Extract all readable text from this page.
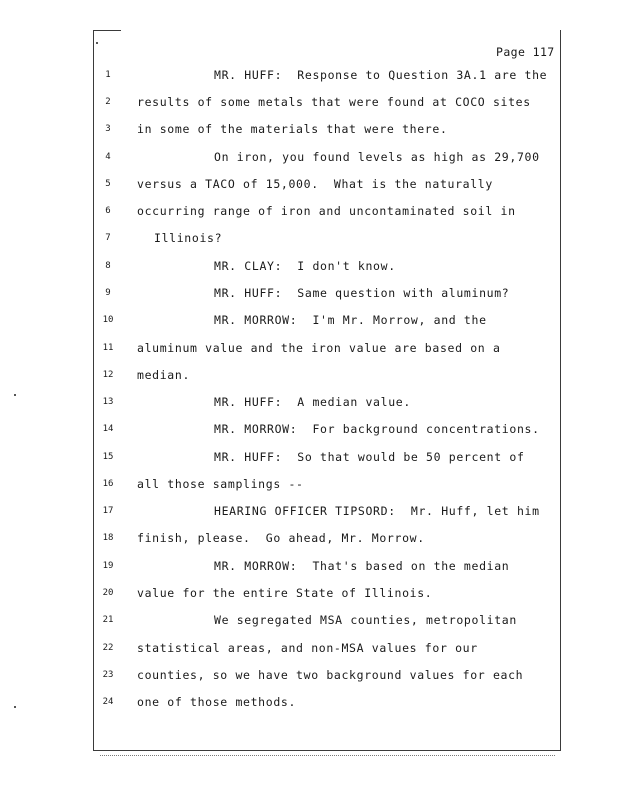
Page 117
1	MR. HUFF:  Response to Question 3A.1 are the
2	results of some metals that were found at COCO sites
3	in some of the materials that were there.
4	On iron, you found levels as high as 29,700
5	versus a TACO of 15,000.  What is the naturally
6	occurring range of iron and uncontaminated soil in
7	Illinois?
8	MR. CLAY:  I don't know.
9	MR. HUFF:  Same question with aluminum?
10	MR. MORROW:  I'm Mr. Morrow, and the
11	aluminum value and the iron value are based on a
12	median.
13	MR. HUFF:  A median value.
14	MR. MORROW:  For background concentrations.
15	MR. HUFF:  So that would be 50 percent of
16	all those samplings --
17	HEARING OFFICER TIPSORD:  Mr. Huff, let him
18	finish, please.  Go ahead, Mr. Morrow.
19	MR. MORROW:  That's based on the median
20	value for the entire State of Illinois.
21	We segregated MSA counties, metropolitan
22	statistical areas, and non-MSA values for our
23	counties, so we have two background values for each
24	one of those methods.
